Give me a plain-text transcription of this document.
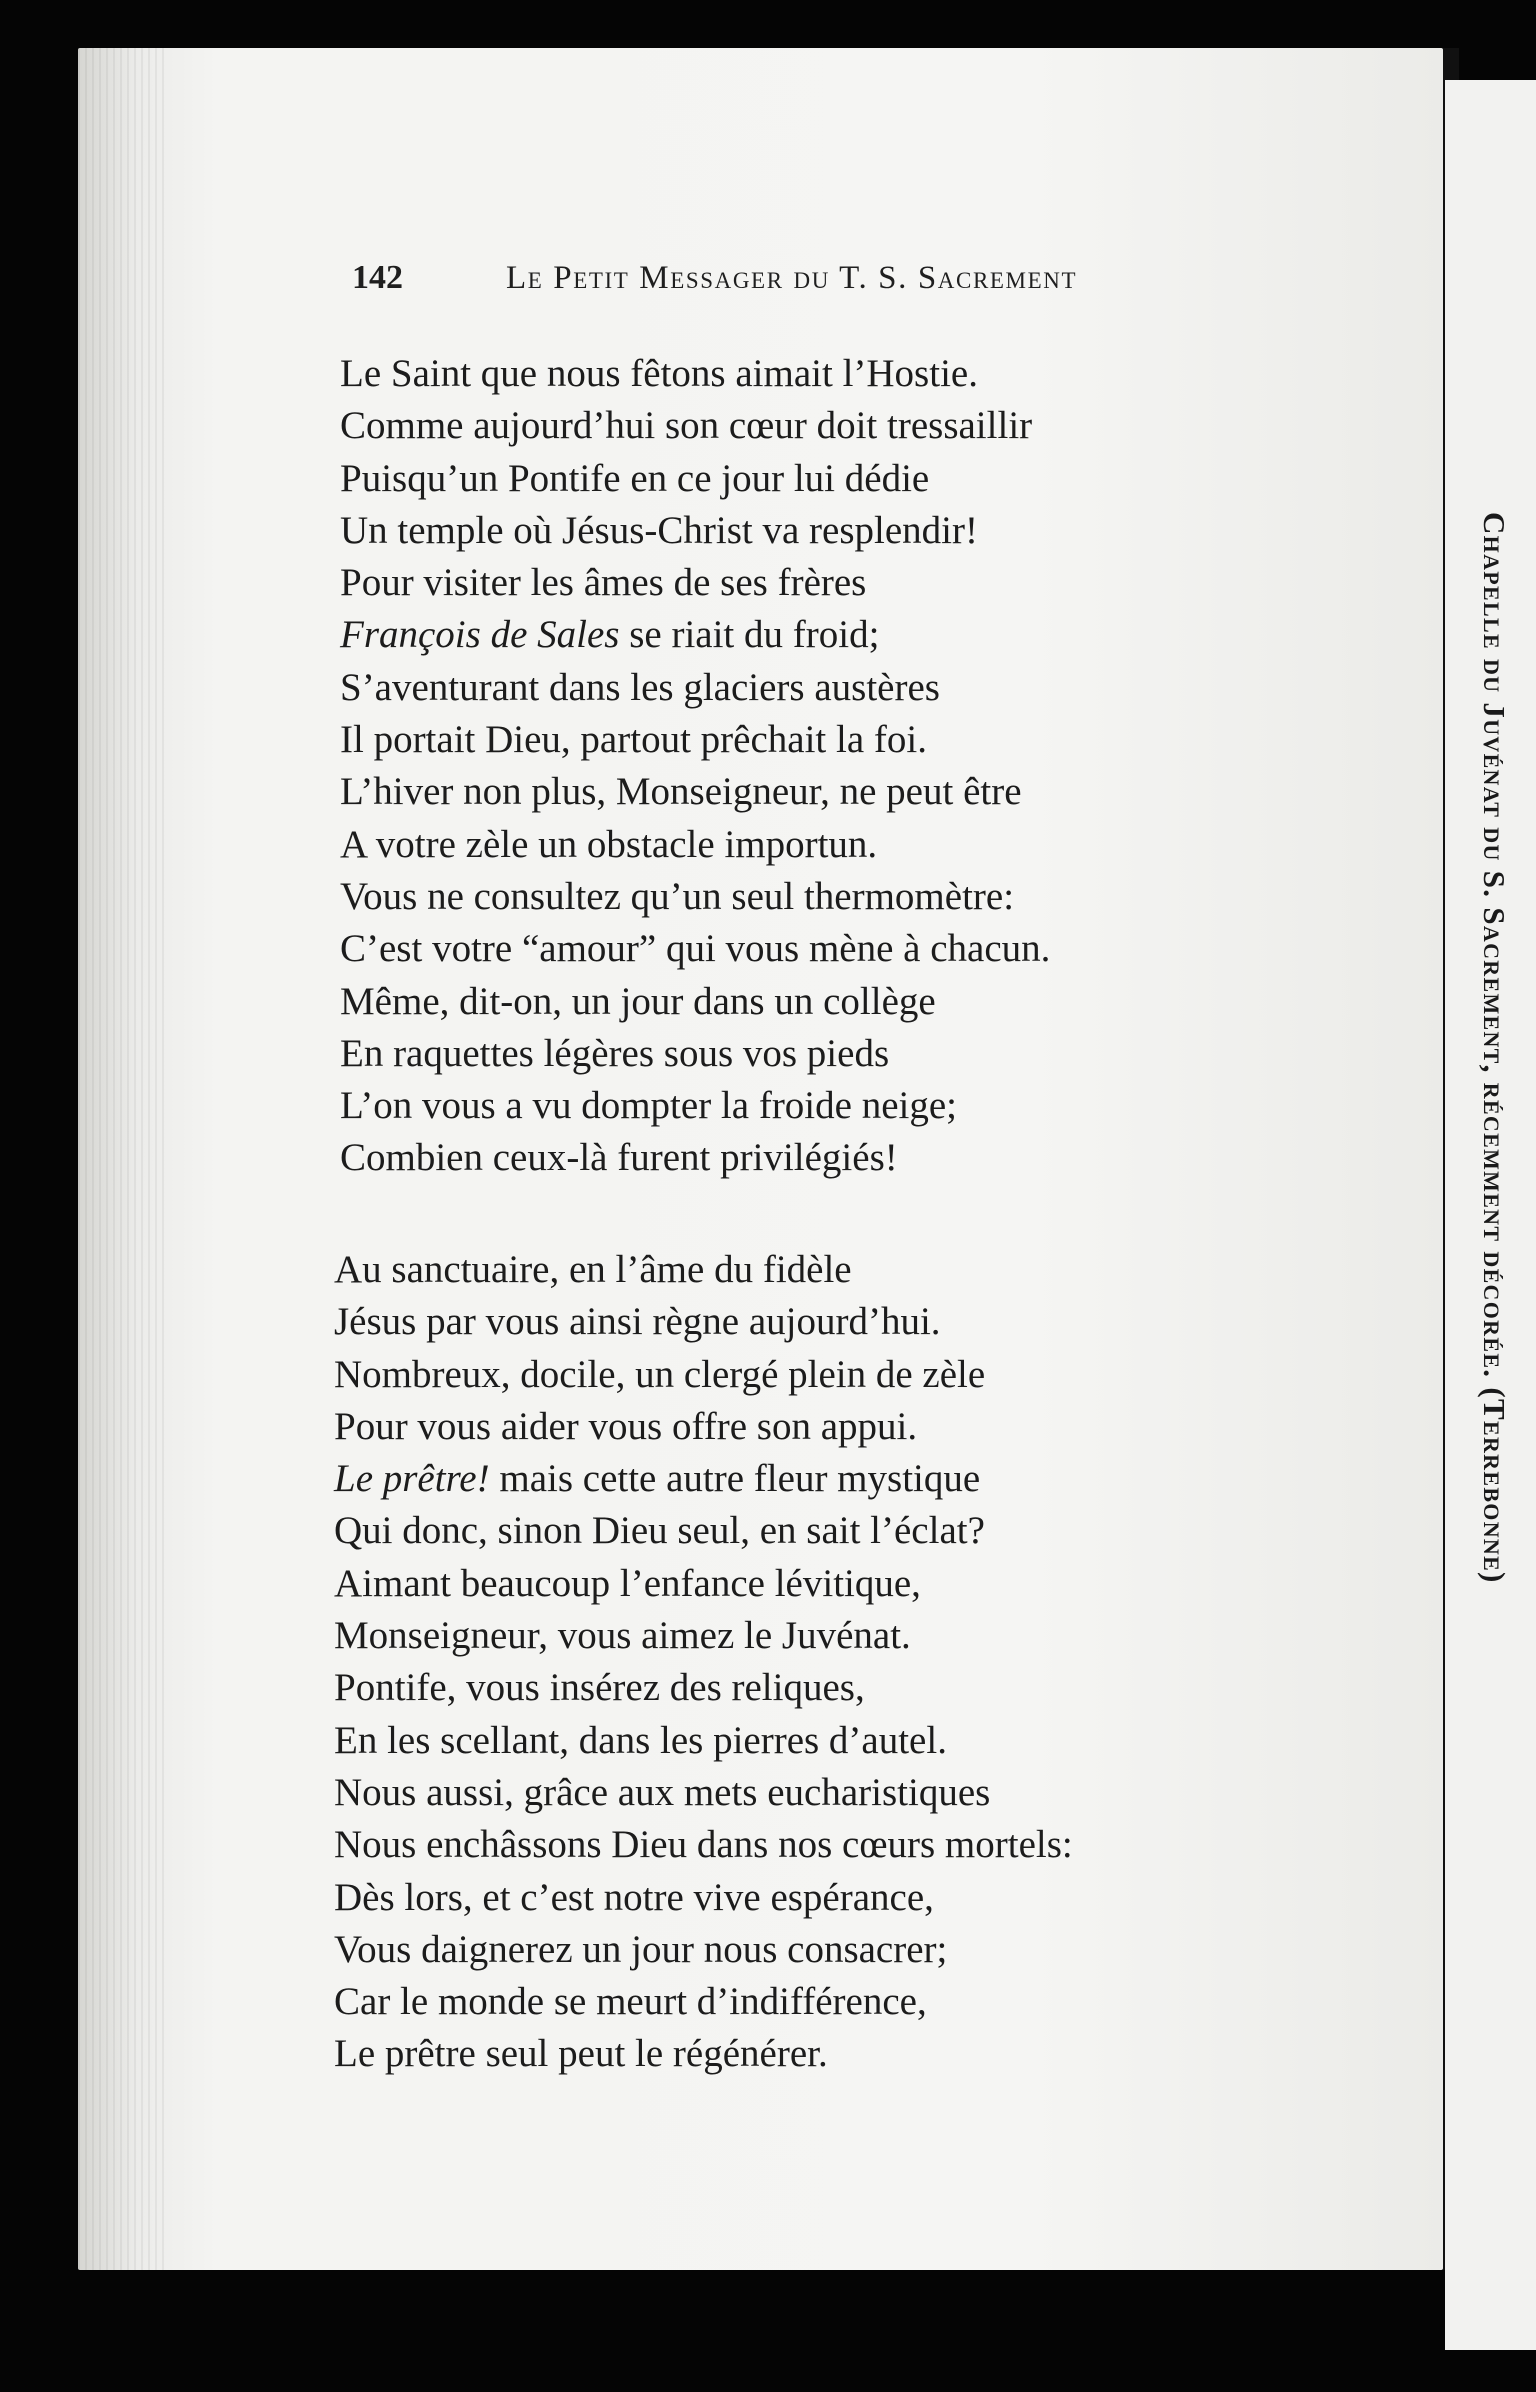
Chapelle du Juvénat du S. Sacrement, récemment décorée. (Terrebonne)
142	Le Petit Messager du T. S. Sacrement
Le Saint que nous fêtons aimait l’Hostie.
Comme aujourd’hui son cœur doit tressaillir
Puisqu’un Pontife en ce jour lui dédie
Un temple où Jésus-Christ va resplendir!
Pour visiter les âmes de ses frères
François de Sales se riait du froid;
S’aventurant dans les glaciers austères
Il portait Dieu, partout prêchait la foi.
L’hiver non plus, Monseigneur, ne peut être
A votre zèle un obstacle importun.
Vous ne consultez qu’un seul thermomètre:
C’est votre “amour” qui vous mène à chacun.
Même, dit-on, un jour dans un collège
En raquettes légères sous vos pieds
L’on vous a vu dompter la froide neige;
Combien ceux-là furent privilégiés!
Au sanctuaire, en l’âme du fidèle
Jésus par vous ainsi règne aujourd’hui.
Nombreux, docile, un clergé plein de zèle
Pour vous aider vous offre son appui.
Le prêtre! mais cette autre fleur mystique
Qui donc, sinon Dieu seul, en sait l’éclat?
Aimant beaucoup l’enfance lévitique,
Monseigneur, vous aimez le Juvénat.
Pontife, vous insérez des reliques,
En les scellant, dans les pierres d’autel.
Nous aussi, grâce aux mets eucharistiques
Nous enchâssons Dieu dans nos cœurs mortels:
Dès lors, et c’est notre vive espérance,
Vous daignerez un jour nous consacrer;
Car le monde se meurt d’indifférence,
Le prêtre seul peut le régénérer.
